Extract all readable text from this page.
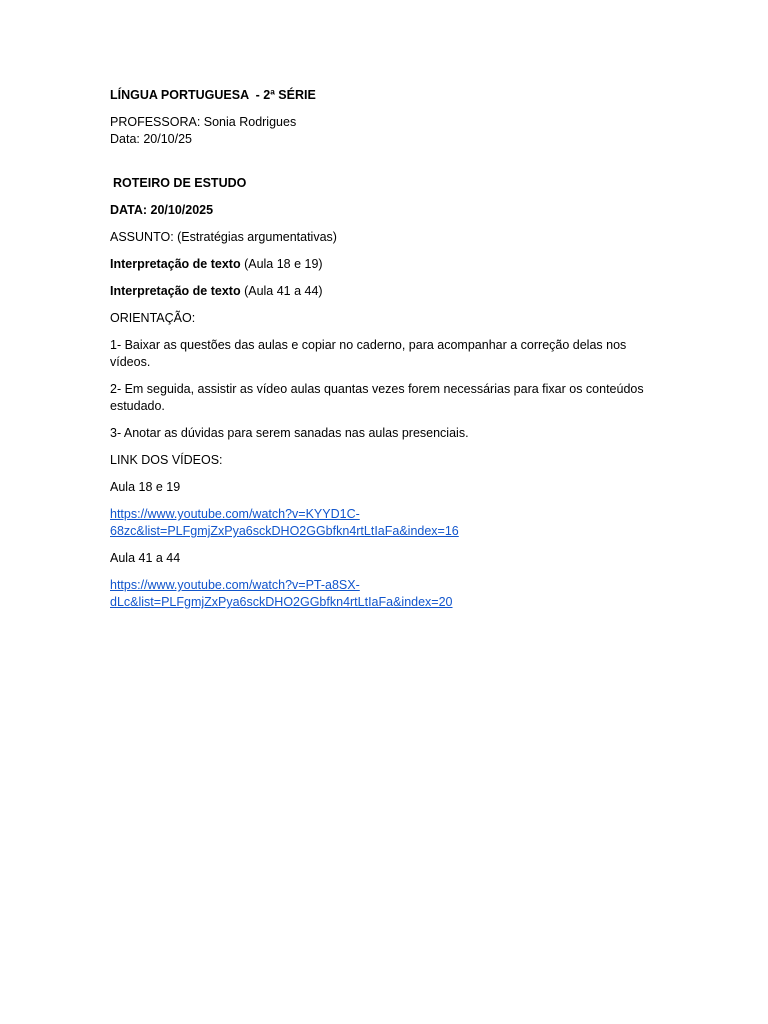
LÍNGUA PORTUGUESA  - 2ª SÉRIE

PROFESSORA: Sonia Rodrigues

Data: 20/10/25

ROTEIRO DE ESTUDO

DATA: 20/10/2025

ASSUNTO: (Estratégias argumentativas)

Interpretação de texto (Aula 18 e 19)

Interpretação de texto (Aula 41 a 44)

ORIENTAÇÃO:

1- Baixar as questões das aulas e copiar no caderno, para acompanhar a correção delas nos vídeos.

2- Em seguida, assistir as vídeo aulas quantas vezes forem necessárias para fixar os conteúdos estudado.

3- Anotar as dúvidas para serem sanadas nas aulas presenciais.

LINK DOS VÍDEOS:

Aula 18 e 19

https://www.youtube.com/watch?v=KYYD1C-
68zc&list=PLFgmjZxPya6sckDHO2GGbfkn4rtLtIaFa&index=16

Aula 41 a 44

https://www.youtube.com/watch?v=PT-a8SX-
dLc&list=PLFgmjZxPya6sckDHO2GGbfkn4rtLtIaFa&index=20
